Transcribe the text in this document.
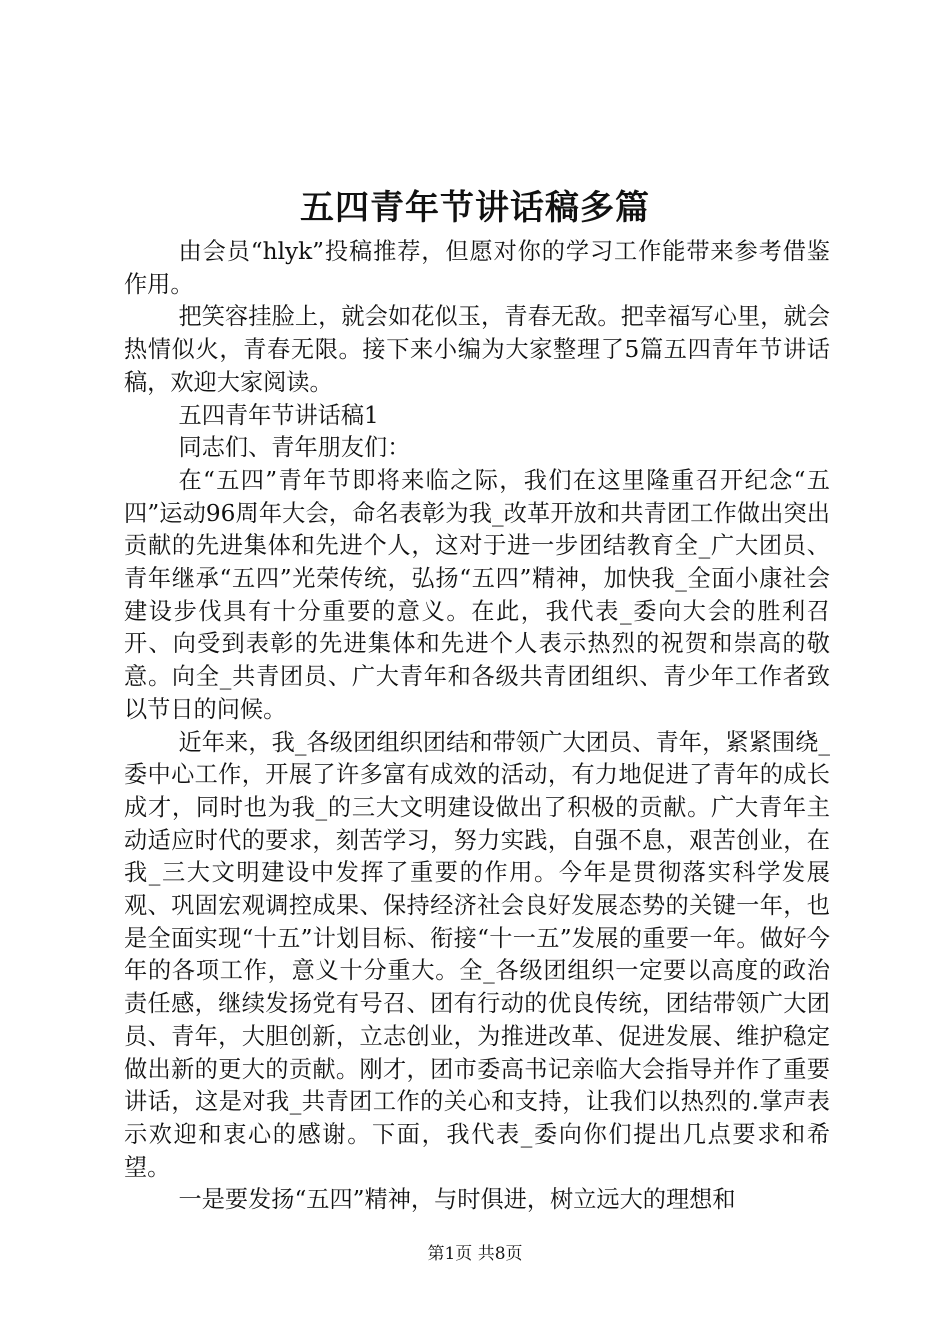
五四青年节讲话稿多篇

由会员“hlyk”投稿推荐，但愿对你的学习工作能带来参考借鉴作用。

把笑容挂脸上，就会如花似玉，青春无敌。把幸福写心里，就会热情似火，青春无限。接下来小编为大家整理了5篇五四青年节讲话稿，欢迎大家阅读。

五四青年节讲话稿1

同志们、青年朋友们：

在“五四”青年节即将来临之际，我们在这里隆重召开纪念“五四”运动96周年大会，命名表彰为我_改革开放和共青团工作做出突出贡献的先进集体和先进个人，这对于进一步团结教育全_广大团员、青年继承“五四”光荣传统，弘扬“五四”精神，加快我_全面小康社会建设步伐具有十分重要的意义。在此，我代表_委向大会的胜利召开、向受到表彰的先进集体和先进个人表示热烈的祝贺和崇高的敬意。向全_共青团员、广大青年和各级共青团组织、青少年工作者致以节日的问候。

近年来，我_各级团组织团结和带领广大团员、青年，紧紧围绕_委中心工作，开展了许多富有成效的活动，有力地促进了青年的成长成才，同时也为我_的三大文明建设做出了积极的贡献。广大青年主动适应时代的要求，刻苦学习，努力实践，自强不息，艰苦创业，在我_三大文明建设中发挥了重要的作用。今年是贯彻落实科学发展观、巩固宏观调控成果、保持经济社会良好发展态势的关键一年，也是全面实现“十五”计划目标、衔接“十一五”发展的重要一年。做好今年的各项工作，意义十分重大。全_各级团组织一定要以高度的政治责任感，继续发扬党有号召、团有行动的优良传统，团结带领广大团员、青年，大胆创新，立志创业，为推进改革、促进发展、维护稳定做出新的更大的贡献。刚才，团市委高书记亲临大会指导并作了重要讲话，这是对我_共青团工作的关心和支持，让我们以热烈的.掌声表示欢迎和衷心的感谢。下面，我代表_委向你们提出几点要求和希望。

一是要发扬“五四”精神，与时俱进，树立远大的理想和

第1页 共8页
